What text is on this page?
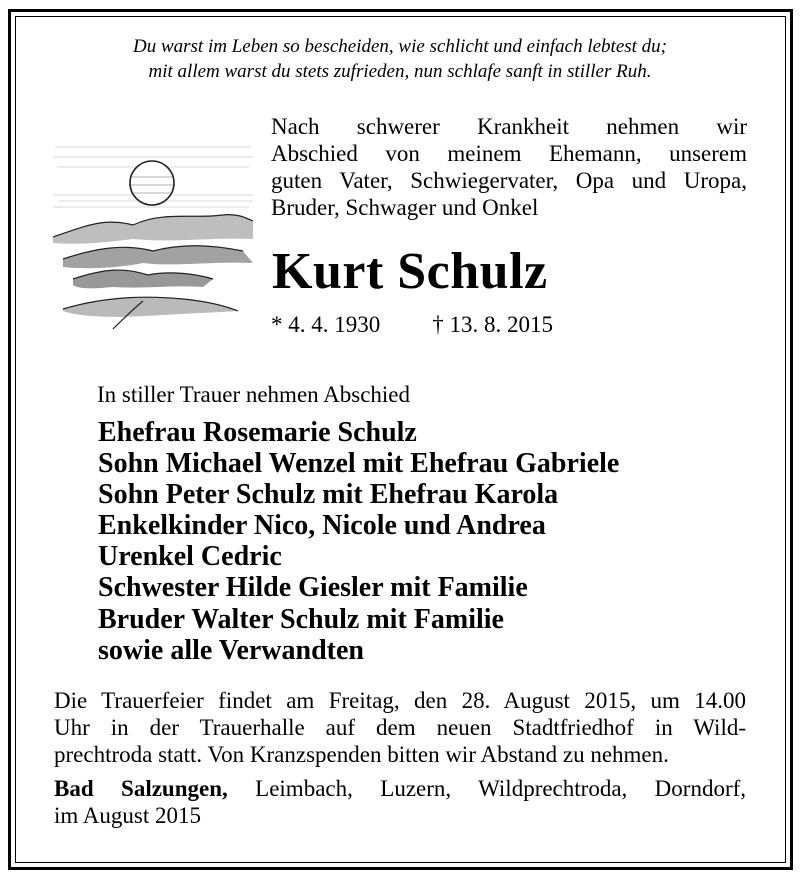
Du warst im Leben so bescheiden, wie schlicht und einfach lebtest du;
mit allem warst du stets zufrieden, nun schlafe sanft in stiller Ruh.
Nach schwerer Krankheit nehmen wir
Abschied von meinem Ehemann, unserem
guten Vater, Schwiegervater, Opa und Uropa,
Bruder, Schwager und Onkel
Kurt Schulz
* 4. 4. 1930 † 13. 8. 2015
In stiller Trauer nehmen Abschied
Ehefrau Rosemarie Schulz
Sohn Michael Wenzel mit Ehefrau Gabriele
Sohn Peter Schulz mit Ehefrau Karola
Enkelkinder Nico, Nicole und Andrea
Urenkel Cedric
Schwester Hilde Giesler mit Familie
Bruder Walter Schulz mit Familie
sowie alle Verwandten
Die Trauerfeier findet am Freitag, den 28. August 2015, um 14.00
Uhr in der Trauerhalle auf dem neuen Stadtfriedhof in Wild-
prechtroda statt. Von Kranzspenden bitten wir Abstand zu nehmen.
Bad Salzungen, Leimbach, Luzern, Wildprechtroda, Dorndorf,
im August 2015
